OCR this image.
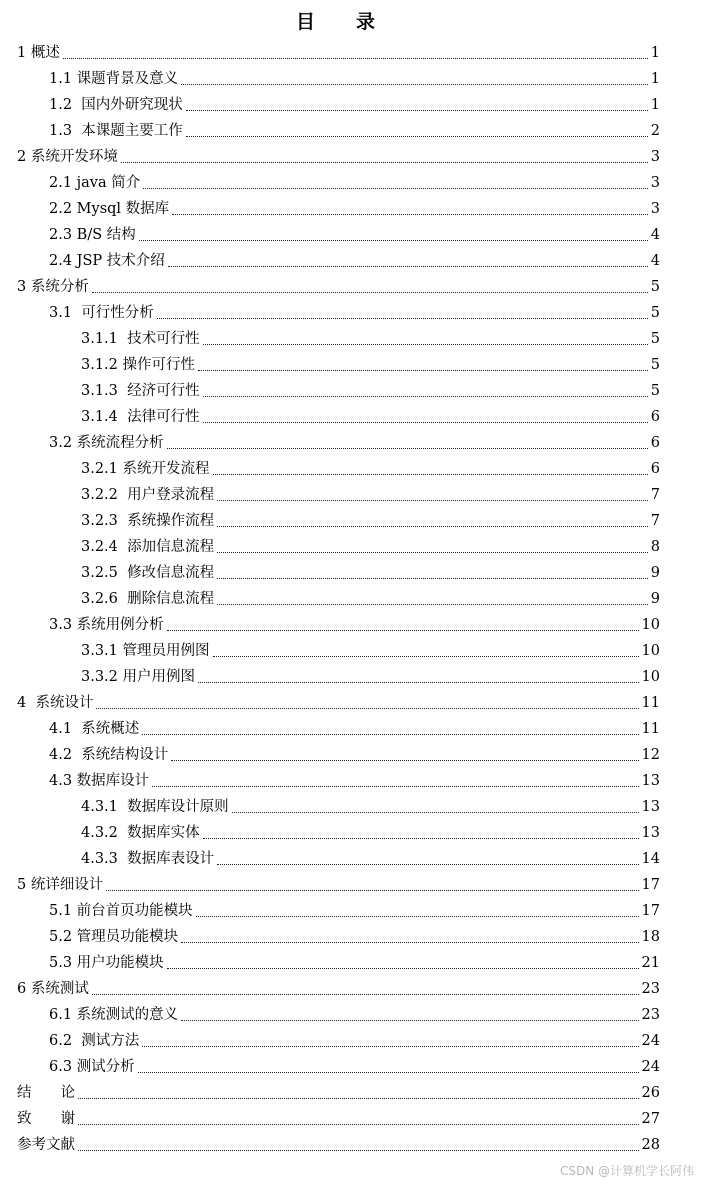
目　　录
1 概述	1
1.1 课题背景及意义	1
1.2  国内外研究现状	1
1.3  本课题主要工作	2
2 系统开发环境	3
2.1 java 简介	3
2.2 Mysql 数据库	3
2.3 B/S 结构	4
2.4 JSP 技术介绍	4
3 系统分析	5
3.1  可行性分析	5
3.1.1  技术可行性	5
3.1.2 操作可行性	5
3.1.3  经济可行性	5
3.1.4  法律可行性	6
3.2 系统流程分析	6
3.2.1 系统开发流程	6
3.2.2  用户登录流程	7
3.2.3  系统操作流程	7
3.2.4  添加信息流程	8
3.2.5  修改信息流程	9
3.2.6  删除信息流程	9
3.3 系统用例分析	10
3.3.1 管理员用例图	10
3.3.2 用户用例图	10
4  系统设计	11
4.1  系统概述	11
4.2  系统结构设计	12
4.3 数据库设计	13
4.3.1  数据库设计原则	13
4.3.2  数据库实体	13
4.3.3  数据库表设计	14
5 统详细设计	17
5.1 前台首页功能模块	17
5.2 管理员功能模块	18
5.3 用户功能模块	21
6 系统测试	23
6.1 系统测试的意义	23
6.2  测试方法	24
6.3 测试分析	24
结　　论	26
致　　谢	27
参考文献	28
CSDN @计算机学长阿伟
